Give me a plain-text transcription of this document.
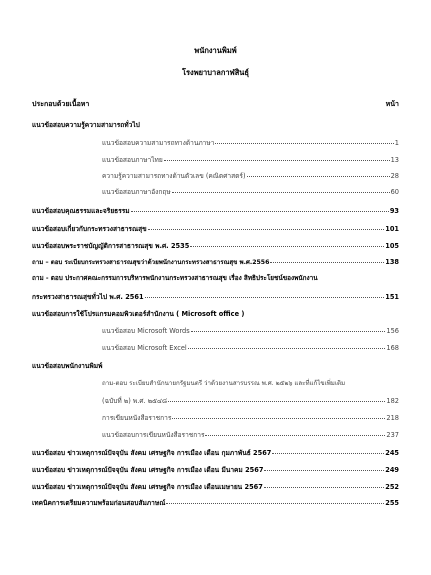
พนักงานพิมพ์
โรงพยาบาลกาฬสินธุ์
ประกอบด้วยเนื้อหา	หน้า
แนวข้อสอบความรู้ความสามารถทั่วไป
แนวข้อสอบความสามารถทางด้านภาษา	1
แนวข้อสอบภาษาไทย	13
ความรู้ความสามารถทางด้านตัวเลข (คณิตศาสตร์)	28
แนวข้อสอบภาษาอังกฤษ	60
แนวข้อสอบคุณธรรมและจริยธรรม	93
แนวข้อสอบเกี่ยวกับกระทรวงสาธารณสุข	101
แนวข้อสอบพระราชบัญญัติการสาธารณสุข พ.ศ. 2535	105
ถาม – ตอบ ระเบียบกระทรวงสาธารณสุขว่าด้วยพนักงานกระทรวงสาธารณสุข พ.ศ.2556	138
ถาม - ตอบ ประกาศคณะกรรมการบริหารพนักงานกระทรวงสาธารณสุข เรื่อง สิทธิประโยชน์ของพนักงาน
กระทรวงสาธารณสุขทั่วไป พ.ศ. 2561	151
แนวข้อสอบการใช้โปรแกรมคอมพิวเตอร์สำนักงาน ( Microsoft office )
แนวข้อสอบ Microsoft Words	156
แนวข้อสอบ Microsoft Excel	168
แนวข้อสอบพนักงานพิมพ์
ถาม-ตอบ ระเบียบสำนักนายกรัฐมนตรี ว่าด้วยงานสารบรรณ พ.ศ. ๒๕๒๖ และที่แก้ไขเพิ่มเติม
(ฉบับที่ ๒) พ.ศ. ๒๕๔๘	182
การเขียนหนังสือราชการ	218
แนวข้อสอบการเขียนหนังสือราชการ	237
แนวข้อสอบ ข่าวเหตุการณ์ปัจจุบัน สังคม เศรษฐกิจ การเมือง เดือน กุมภาพันธ์ 2567	245
แนวข้อสอบ ข่าวเหตุการณ์ปัจจุบัน สังคม เศรษฐกิจ การเมือง เดือน มีนาคม 2567	249
แนวข้อสอบ ข่าวเหตุการณ์ปัจจุบัน สังคม เศรษฐกิจ การเมือง เดือนเมษายน 2567	252
เทคนิคการเตรียมความพร้อมก่อนสอบสัมภาษณ์	255
